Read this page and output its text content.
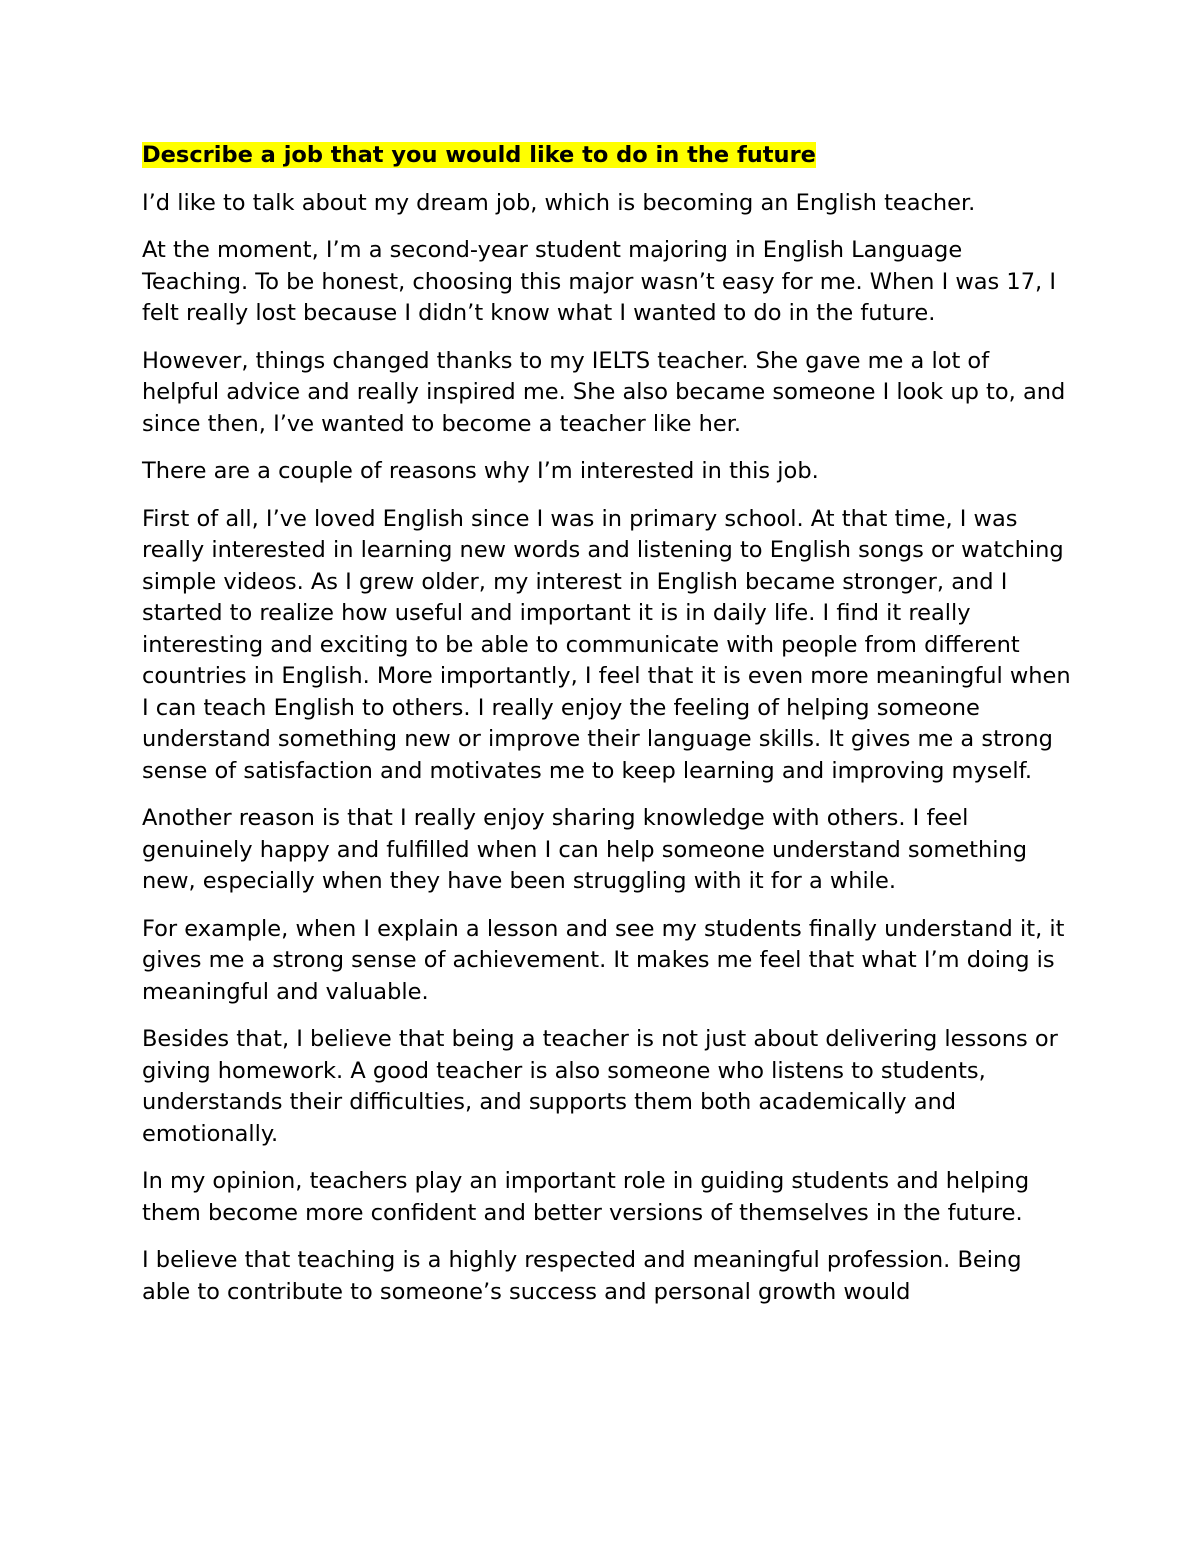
Describe a job that you would like to do in the future

I’d like to talk about my dream job, which is becoming an English teacher.

At the moment, I’m a second-year student majoring in English Language Teaching. To be honest, choosing this major wasn’t easy for me. When I was 17, I felt really lost because I didn’t know what I wanted to do in the future.

However, things changed thanks to my IELTS teacher. She gave me a lot of helpful advice and really inspired me. She also became someone I look up to, and since then, I’ve wanted to become a teacher like her.

There are a couple of reasons why I’m interested in this job.

First of all, I’ve loved English since I was in primary school. At that time, I was really interested in learning new words and listening to English songs or watching simple videos. As I grew older, my interest in English became stronger, and I started to realize how useful and important it is in daily life. I find it really interesting and exciting to be able to communicate with people from different countries in English. More importantly, I feel that it is even more meaningful when I can teach English to others. I really enjoy the feeling of helping someone understand something new or improve their language skills. It gives me a strong sense of satisfaction and motivates me to keep learning and improving myself.

Another reason is that I really enjoy sharing knowledge with others. I feel genuinely happy and fulfilled when I can help someone understand something new, especially when they have been struggling with it for a while.

For example, when I explain a lesson and see my students finally understand it, it gives me a strong sense of achievement. It makes me feel that what I’m doing is meaningful and valuable.

Besides that, I believe that being a teacher is not just about delivering lessons or giving homework. A good teacher is also someone who listens to students, understands their difficulties, and supports them both academically and emotionally.

In my opinion, teachers play an important role in guiding students and helping them become more confident and better versions of themselves in the future.

I believe that teaching is a highly respected and meaningful profession. Being able to contribute to someone’s success and personal growth would
